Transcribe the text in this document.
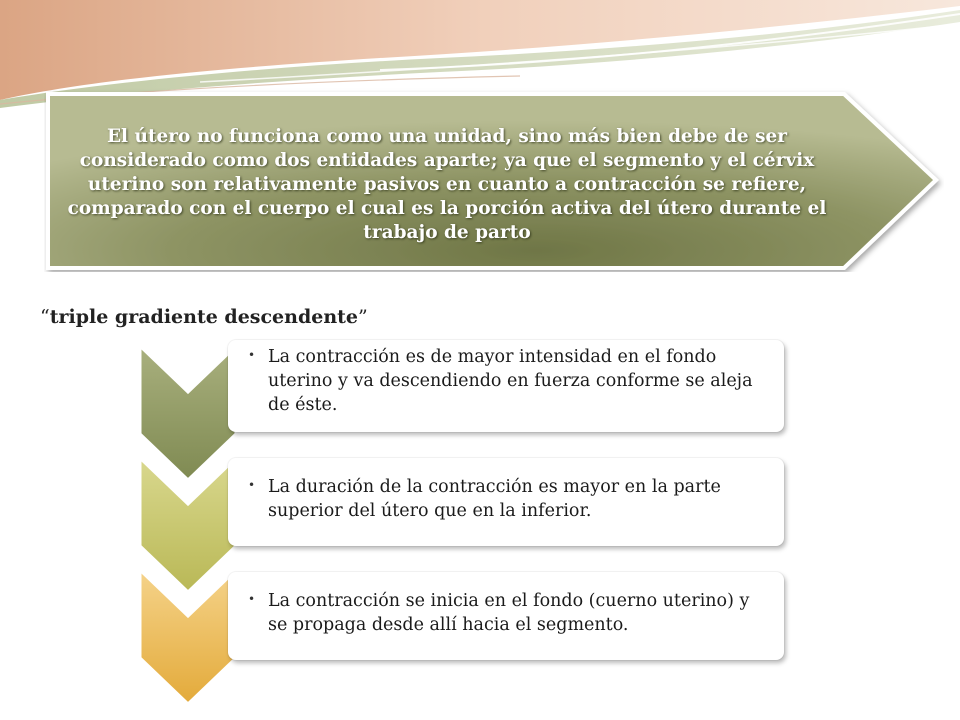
El útero no funciona como una unidad, sino más bien debe de ser considerado como dos entidades aparte; ya que el segmento y el cérvix uterino son relativamente pasivos en cuanto a contracción se refiere, comparado con el cuerpo el cual es la porción activa del útero durante el trabajo de parto
“triple gradiente descendente”
• La contracción es de mayor intensidad en el fondo uterino y va descendiendo en fuerza conforme se aleja de éste.
• La duración de la contracción es mayor en la parte superior del útero que en la inferior.
• La contracción se inicia en el fondo (cuerno uterino) y se propaga desde allí hacia el segmento.
